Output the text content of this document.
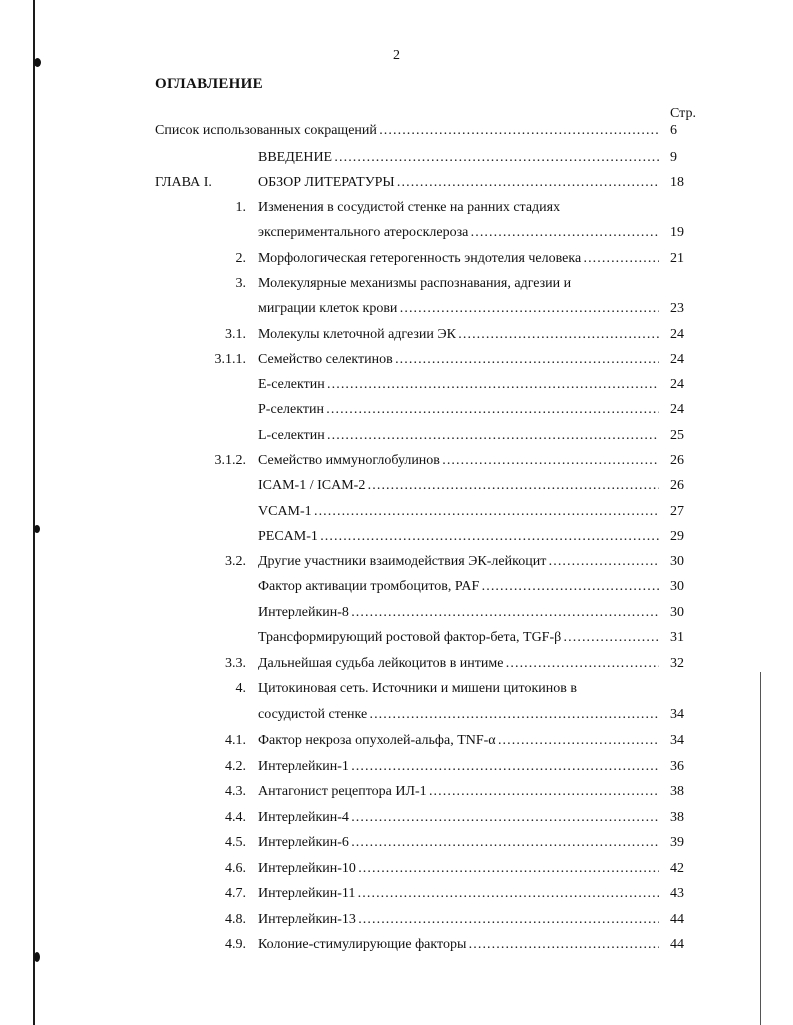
2
ОГЛАВЛЕНИЕ
Стр.
Список использованных сокращений . . .	6
ВВЕДЕНИЕ . . .	9
ГЛАВА I.	ОБЗОР ЛИТЕРАТУРЫ . . .	18
1. Изменения в сосудистой стенке на ранних стадиях
экспериментального атеросклероза . . .	19
2. Морфологическая гетерогенность эндотелия человека . . .	21
3. Молекулярные механизмы распознавания, адгезии и
миграции клеток крови . . .	23
3.1. Молекулы клеточной адгезии ЭК . . .	24
3.1.1. Семейство селектинов . . .	24
Е-селектин . . .	24
Р-селектин . . .	24
L-селектин . . .	25
3.1.2. Семейство иммуноглобулинов . . .	26
ICAM-1 / ICAM-2 . . .	26
VCAM-1 . . .	27
PECAM-1 . . .	29
3.2. Другие участники взаимодействия ЭК-лейкоцит . . .	30
Фактор активации тромбоцитов, PAF . . .	30
Интерлейкин-8 . . .	30
Трансформирующий ростовой фактор-бета, TGF-β . . .	31
3.3. Дальнейшая судьба лейкоцитов в интиме . . .	32
4. Цитокиновая сеть. Источники и мишени цитокинов в
сосудистой стенке . . .	34
4.1. Фактор некроза опухолей-альфа, TNF-α . . .	34
4.2. Интерлейкин-1 . . .	36
4.3. Антагонист рецептора ИЛ-1 . . .	38
4.4. Интерлейкин-4 . . .	38
4.5. Интерлейкин-6 . . .	39
4.6. Интерлейкин-10 . . .	42
4.7. Интерлейкин-11 . . .	43
4.8. Интерлейкин-13 . . .	44
4.9. Колоние-стимулирующие факторы . . .	44
